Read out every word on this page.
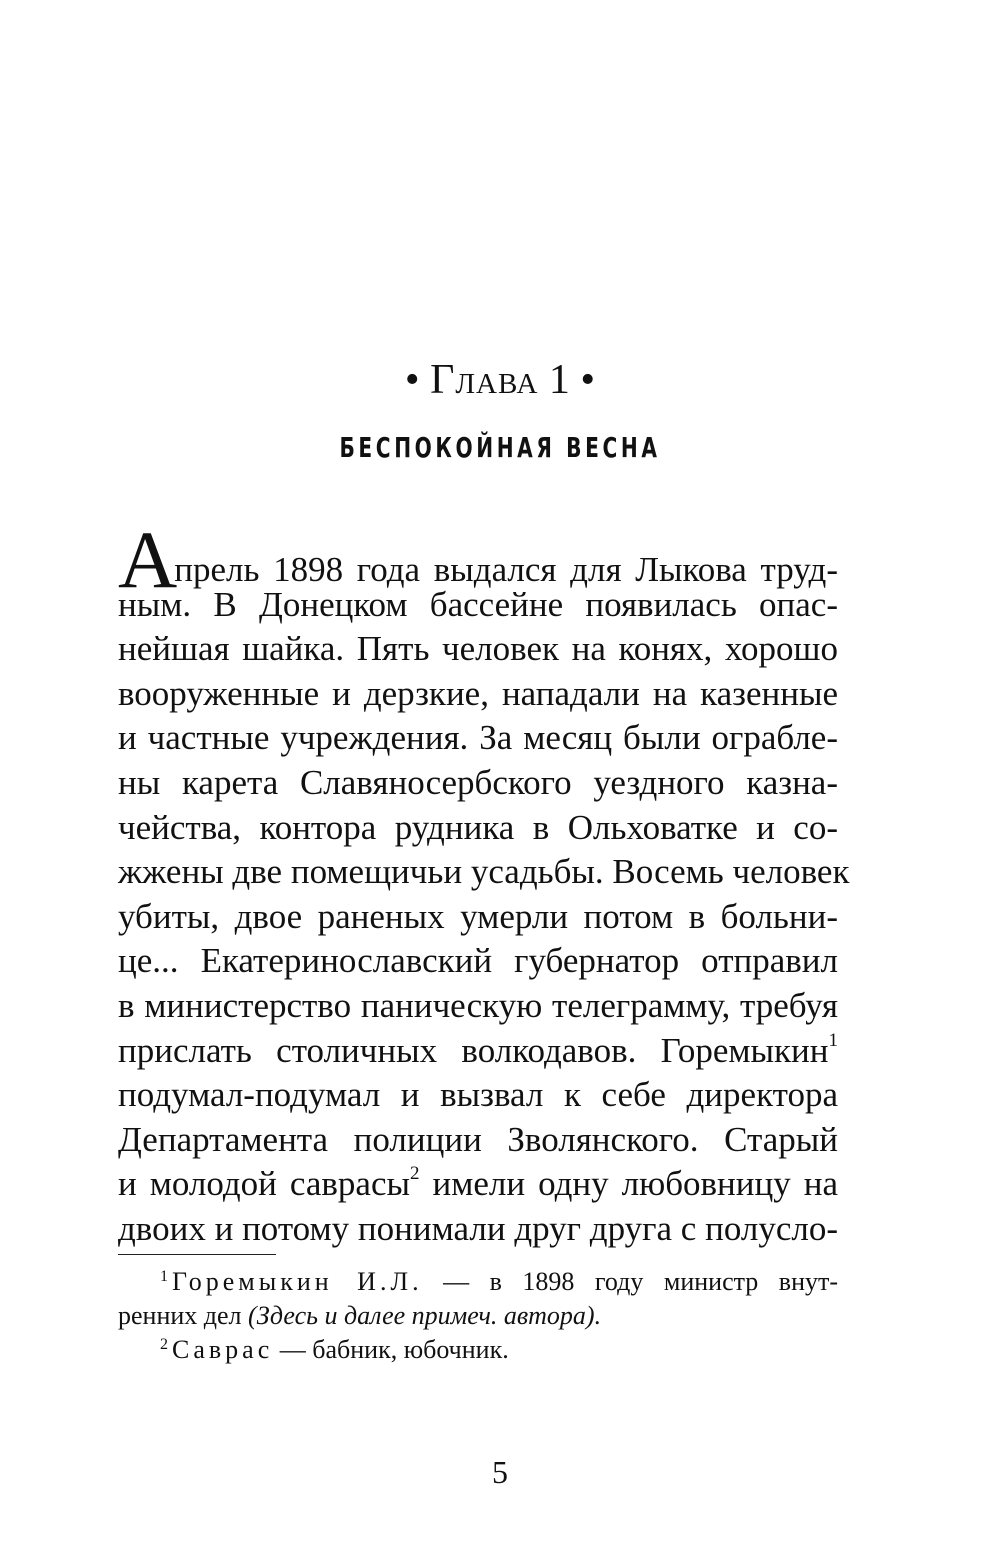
• Глава 1 •
БЕСПОКОЙНАЯ ВЕСНА
Апрель 1898 года выдался для Лыкова труд-
ным. В Донецком бассейне появилась опас-
нейшая шайка. Пять человек на конях, хорошо
вооруженные и дерзкие, нападали на казенные
и частные учреждения. За месяц были ограбле-
ны карета Славяносербского уездного казна-
чейства, контора рудника в Ольховатке и со-
жжены две помещичьи усадьбы. Восемь человек
убиты, двое раненых умерли потом в больни-
це... Екатеринославский губернатор отправил
в министерство паническую телеграмму, требуя
прислать столичных волкодавов. Горемыкин$^1$
подумал-подумал и вызвал к себе директора
Департамента полиции Зволянского. Старый
и молодой саврасы$^2$ имели одну любовницу на
двоих и потому понимали друг друга с полусло-
$^1$ Горемыкин И.Л. — в 1898 году министр внут-
ренних дел (Здесь и далее примеч. автора).
$^2$ Саврас — бабник, юбочник.
5
